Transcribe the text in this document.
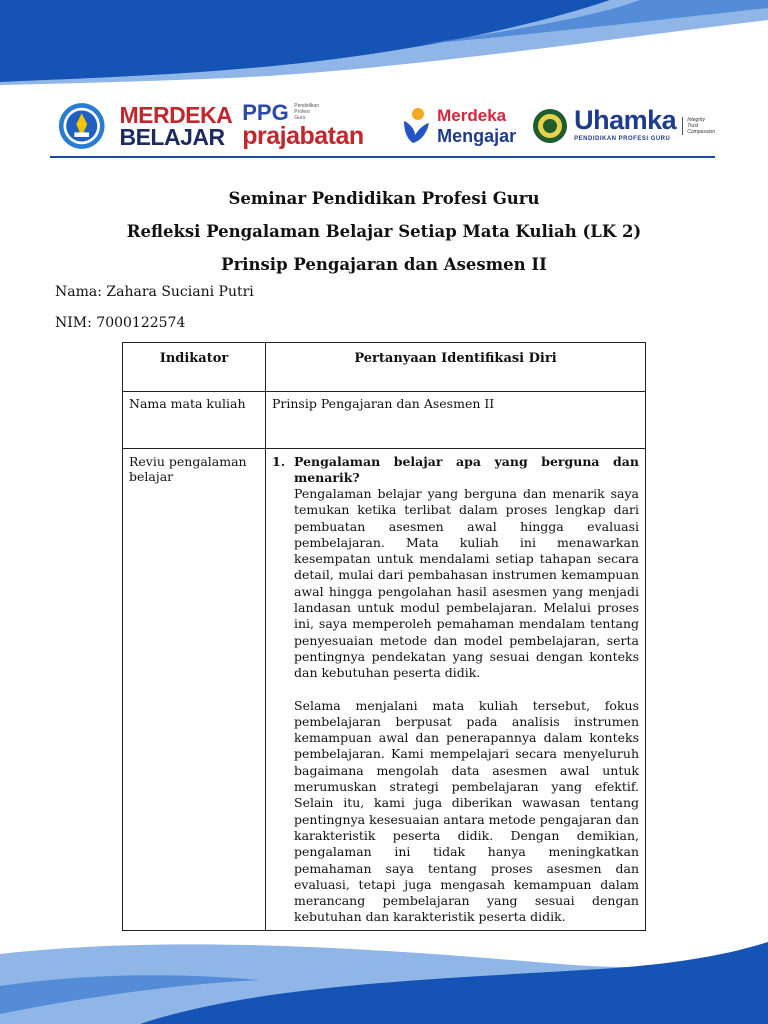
MERDEKA
BELAJAR
PPG Pendidikan
Profesi
Guru
prajabatan
Merdeka
Mengajar
Uhamka
PENDIDIKAN PROFESI GURU
Integrity
Trust
Compassion
Seminar Pendidikan Profesi Guru
Refleksi Pengalaman Belajar Setiap Mata Kuliah (LK 2)
Prinsip Pengajaran dan Asesmen II
Nama: Zahara Suciani Putri
NIM: 7000122574
Indikator	Pertanyaan Identifikasi Diri
Nama mata kuliah	Prinsip Pengajaran dan Asesmen II
Reviu pengalaman belajar	1. Pengalaman belajar apa yang berguna dan menarik?

Pengalaman belajar yang berguna dan menarik saya temukan ketika terlibat dalam proses lengkap dari pembuatan asesmen awal hingga evaluasi pembelajaran. Mata kuliah ini menawarkan kesempatan untuk mendalami setiap tahapan secara detail, mulai dari pembahasan instrumen kemampuan awal hingga pengolahan hasil asesmen yang menjadi landasan untuk modul pembelajaran. Melalui proses ini, saya memperoleh pemahaman mendalam tentang penyesuaian metode dan model pembelajaran, serta pentingnya pendekatan yang sesuai dengan konteks dan kebutuhan peserta didik.

Selama menjalani mata kuliah tersebut, fokus pembelajaran berpusat pada analisis instrumen kemampuan awal dan penerapannya dalam konteks pembelajaran. Kami mempelajari secara menyeluruh bagaimana mengolah data asesmen awal untuk merumuskan strategi pembelajaran yang efektif. Selain itu, kami juga diberikan wawasan tentang pentingnya kesesuaian antara metode pengajaran dan karakteristik peserta didik. Dengan demikian, pengalaman ini tidak hanya meningkatkan pemahaman saya tentang proses asesmen dan evaluasi, tetapi juga mengasah kemampuan dalam merancang pembelajaran yang sesuai dengan kebutuhan dan karakteristik peserta didik.
